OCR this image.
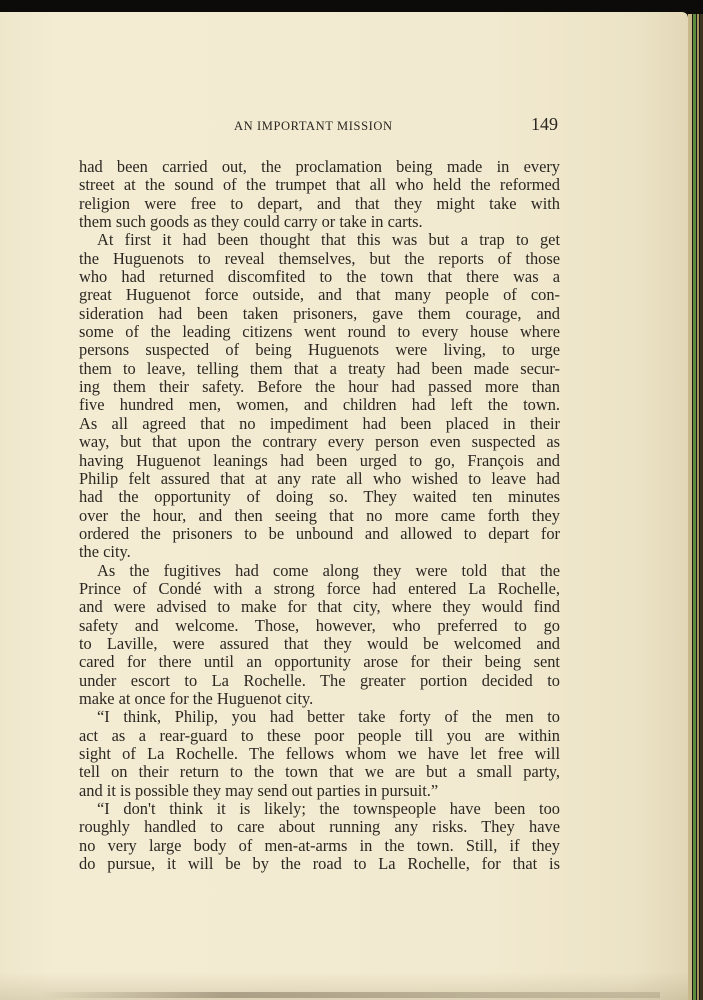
AN IMPORTANT MISSION	149
had been carried out, the proclamation being made in every
street at the sound of the trumpet that all who held the reformed
religion were free to depart, and that they might take with
them such goods as they could carry or take in carts.
At first it had been thought that this was but a trap to get
the Huguenots to reveal themselves, but the reports of those
who had returned discomfited to the town that there was a
great Huguenot force outside, and that many people of con-
sideration had been taken prisoners, gave them courage, and
some of the leading citizens went round to every house where
persons suspected of being Huguenots were living, to urge
them to leave, telling them that a treaty had been made secur-
ing them their safety. Before the hour had passed more than
five hundred men, women, and children had left the town.
As all agreed that no impediment had been placed in their
way, but that upon the contrary every person even suspected as
having Huguenot leanings had been urged to go, François and
Philip felt assured that at any rate all who wished to leave had
had the opportunity of doing so. They waited ten minutes
over the hour, and then seeing that no more came forth they
ordered the prisoners to be unbound and allowed to depart for
the city.
As the fugitives had come along they were told that the
Prince of Condé with a strong force had entered La Rochelle,
and were advised to make for that city, where they would find
safety and welcome. Those, however, who preferred to go
to Laville, were assured that they would be welcomed and
cared for there until an opportunity arose for their being sent
under escort to La Rochelle. The greater portion decided to
make at once for the Huguenot city.
“I think, Philip, you had better take forty of the men to
act as a rear-guard to these poor people till you are within
sight of La Rochelle. The fellows whom we have let free will
tell on their return to the town that we are but a small party,
and it is possible they may send out parties in pursuit.”
“I don't think it is likely; the townspeople have been too
roughly handled to care about running any risks. They have
no very large body of men-at-arms in the town. Still, if they
do pursue, it will be by the road to La Rochelle, for that is
